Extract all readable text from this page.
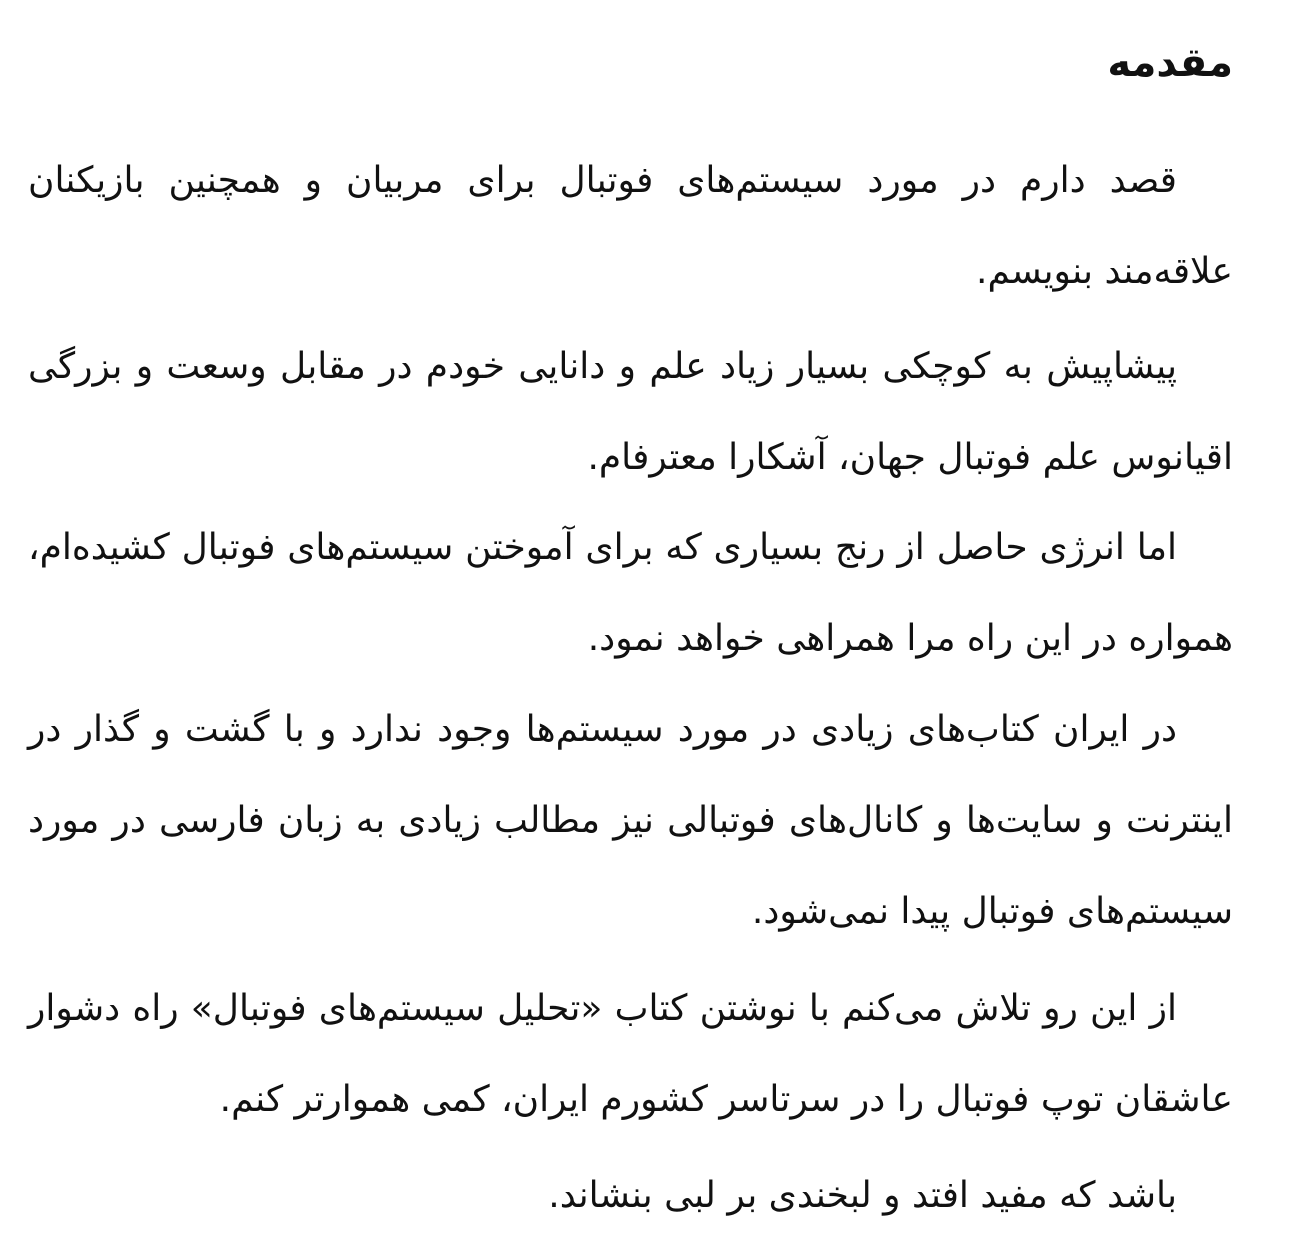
مقدمه

قصد دارم در مورد سیستم‌های فوتبال برای مربیان و همچنین بازیکنان علاقه‌مند بنویسم.

پیشاپیش به کوچکی بسیار زیاد علم و دانایی خودم در مقابل وسعت و بزرگی اقیانوس علم فوتبال جهان، آشکارا معترفام.

اما انرژی حاصل از رنج بسیاری که برای آموختن سیستم‌های فوتبال کشیده‌ام، همواره در این راه مرا همراهی خواهد نمود.

در ایران کتاب‌های زیادی در مورد سیستم‌ها وجود ندارد و با گشت و گذار در اینترنت و سایت‌ها و کانال‌های فوتبالی نیز مطالب زیادی به زبان فارسی در مورد سیستم‌های فوتبال پیدا نمی‌شود.

از این رو تلاش می‌کنم با نوشتن کتاب «تحلیل سیستم‌های فوتبال» راه دشوار عاشقان توپ فوتبال را در سرتاسر کشورم ایران، کمی هموارتر کنم.

باشد که مفید افتد و لبخندی بر لبی بنشاند.
